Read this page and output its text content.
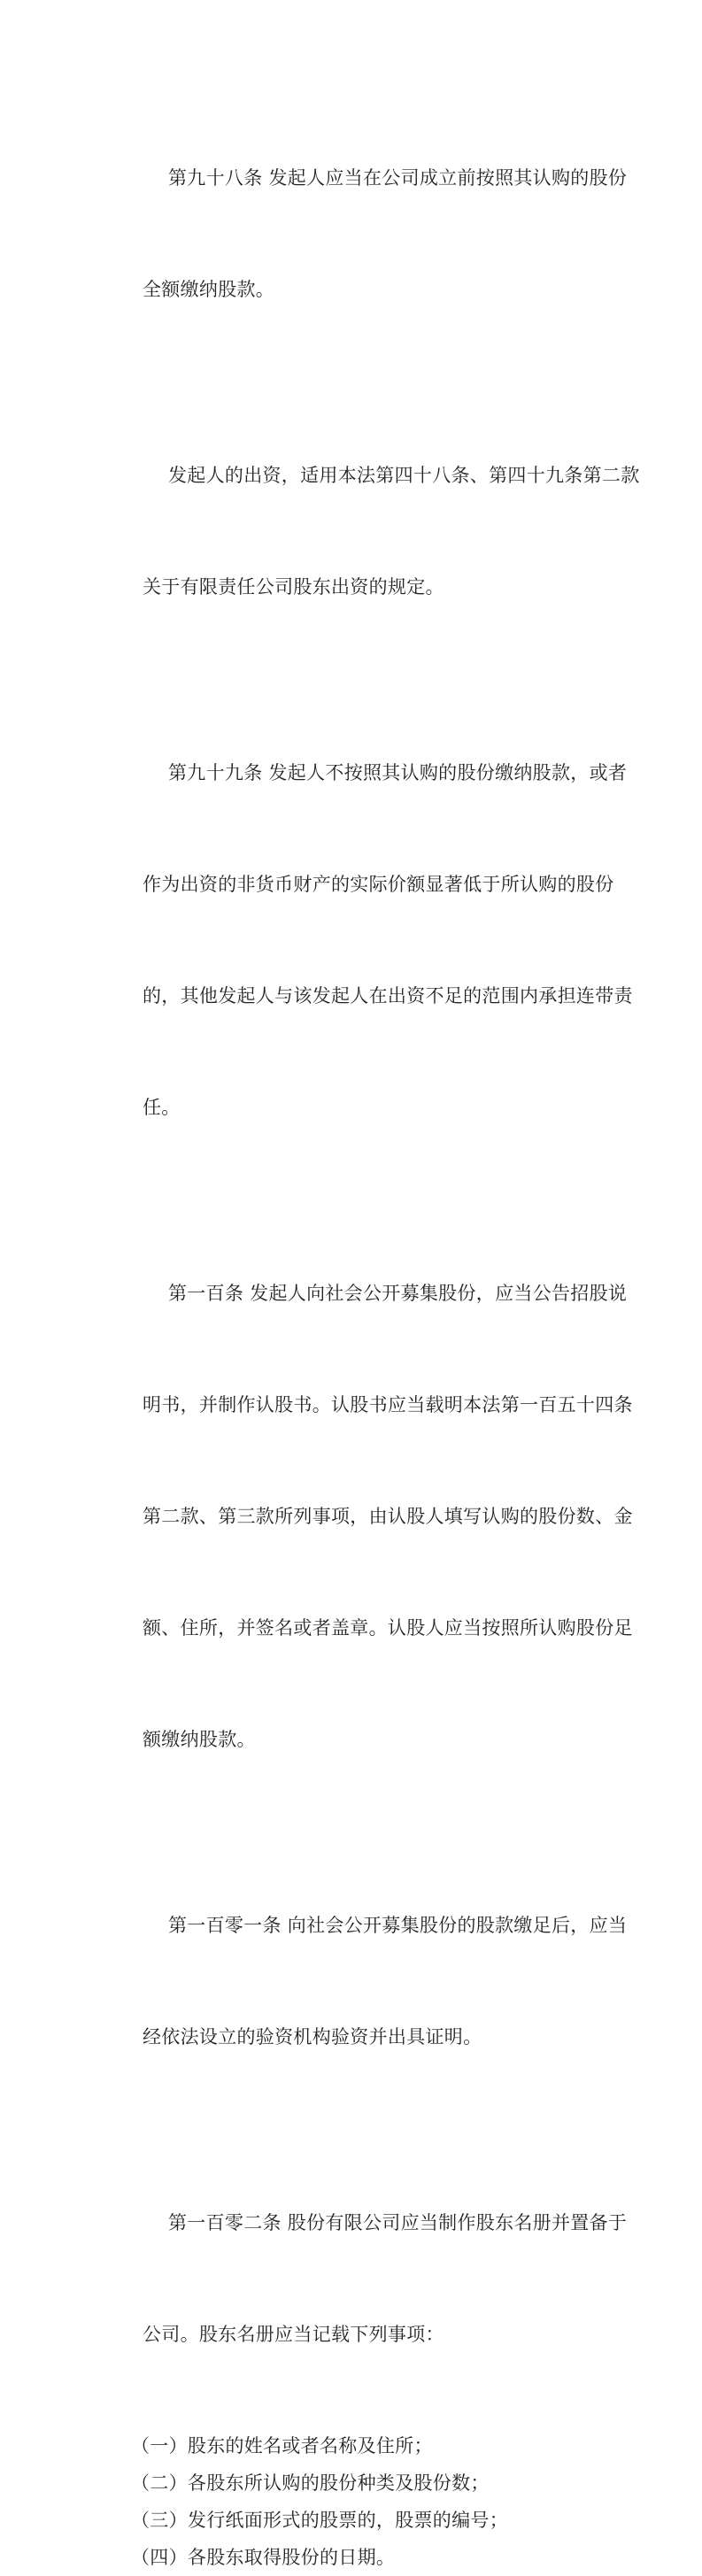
第九十八条 发起人应当在公司成立前按照其认购的股份

全额缴纳股款。

发起人的出资，适用本法第四十八条、第四十九条第二款

关于有限责任公司股东出资的规定。

第九十九条 发起人不按照其认购的股份缴纳股款，或者

作为出资的非货币财产的实际价额显著低于所认购的股份

的，其他发起人与该发起人在出资不足的范围内承担连带责

任。

第一百条 发起人向社会公开募集股份，应当公告招股说

明书，并制作认股书。认股书应当载明本法第一百五十四条

第二款、第三款所列事项，由认股人填写认购的股份数、金

额、住所，并签名或者盖章。认股人应当按照所认购股份足

额缴纳股款。

第一百零一条 向社会公开募集股份的股款缴足后，应当

经依法设立的验资机构验资并出具证明。

第一百零二条 股份有限公司应当制作股东名册并置备于

公司。股东名册应当记载下列事项：

（一）股东的姓名或者名称及住所；
（二）各股东所认购的股份种类及股份数；
（三）发行纸面形式的股票的，股票的编号；
（四）各股东取得股份的日期。
